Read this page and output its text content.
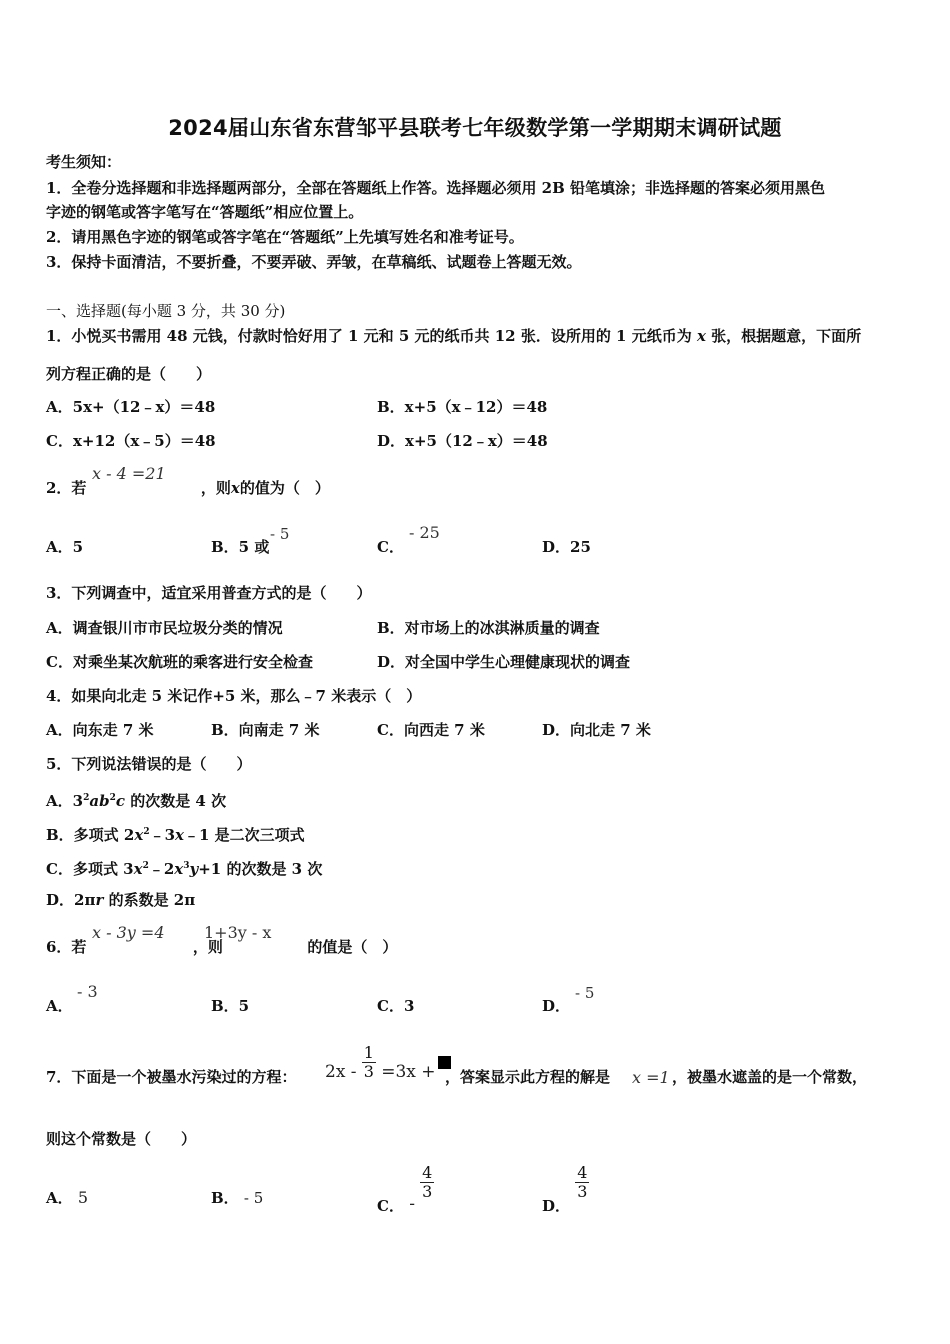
2024届山东省东营邹平县联考七年级数学第一学期期末调研试题
考生须知：
1．全卷分选择题和非选择题两部分，全部在答题纸上作答。选择题必须用 2B 铅笔填涂；非选择题的答案必须用黑色
字迹的钢笔或答字笔写在“答题纸”相应位置上。
2．请用黑色字迹的钢笔或答字笔在“答题纸”上先填写姓名和准考证号。
3．保持卡面清洁，不要折叠，不要弄破、弄皱，在草稿纸、试题卷上答题无效。
一、选择题(每小题 3 分，共 30 分)
1．小悦买书需用 48 元钱，付款时恰好用了 1 元和 5 元的纸币共 12 张．设所用的 1 元纸币为 x 张，根据题意，下面所
列方程正确的是（　　）
A．5x+（12﹣x）＝48	B．x+5（x﹣12）＝48
C．x+12（x﹣5）＝48	D．x+5（12﹣x）＝48
2．若	，则x的值为（　）
x - 4 =21
A．5	B．5 或
- 5
C．
- 25
D．25
3．下列调查中，适宜采用普查方式的是（　　）
A．调查银川市市民垃圾分类的情况	B．对市场上的冰淇淋质量的调查
C．对乘坐某次航班的乘客进行安全检查	D．对全国中学生心理健康现状的调查
4．如果向北走 5 米记作+5 米，那么﹣7 米表示（　）
A．向东走 7 米	B．向南走 7 米	C．向西走 7 米	D．向北走 7 米
5．下列说法错误的是（　　）
A．$3^2ab^2c$ 的次数是 4 次
B．多项式 $2x^2﹣3x﹣1$ 是二次三项式
C．多项式 $3x^2﹣2x^3y+1$ 的次数是 3 次
D．2πr 的系数是 2π
6．若	，则	的值是（　）
x - 3y =4 1+3y - x
A．
- 3
B．5	C．3	D．
- 5
7．下面是一个被墨水污染过的方程：	$2x - \frac{1}{3} =3x$ + ，答案显示此方程的解是 x =1 ，被墨水遮盖的是一个常数，
则这个常数是（　　）
A． 5	B． - 5	C． -
$\frac{4}{3}$
D．
$\frac{4}{3}$
